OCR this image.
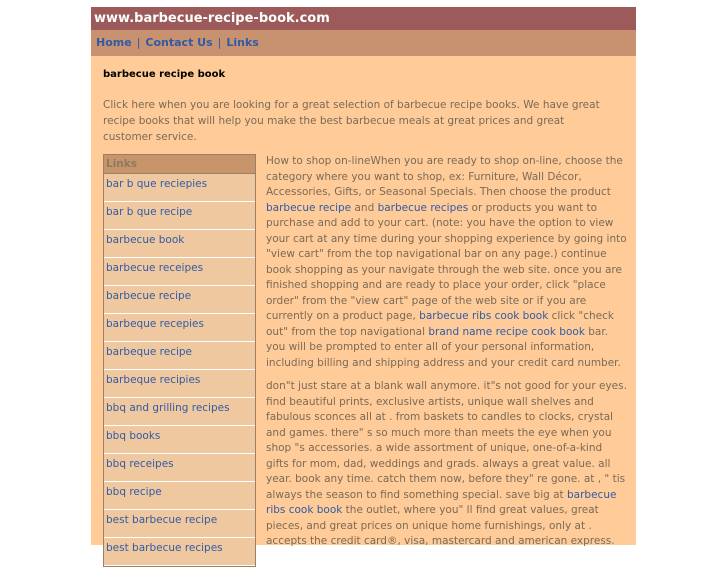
www.barbecue-recipe-book.com
Home | Contact Us | Links
barbecue recipe book
Click here when you are looking for a great selection of barbecue recipe books. We have great recipe books that will help you make the best barbecue meals at great prices and great customer service.
Links
bar b que reciepies
bar b que recipe
barbecue book
barbecue receipes
barbecue recipe
barbeque recepies
barbeque recipe
barbeque recipies
bbq and grilling recipes
bbq books
bbq receipes
bbq recipe
best barbecue recipe
best barbecue recipes

How to shop on-lineWhen you are ready to shop on-line, choose the category where you want to shop, ex: Furniture, Wall Décor, Accessories, Gifts, or Seasonal Specials. Then choose the product barbecue recipe and barbecue recipes or products you want to purchase and add to your cart. (note: you have the option to view your cart at any time during your shopping experience by going into "view cart" from the top navigational bar on any page.) continue book shopping as your navigate through the web site. once you are finished shopping and are ready to place your order, click "place order" from the "view cart" page of the web site or if you are currently on a product page, barbecue ribs cook book click "check out" from the top navigational brand name recipe cook book bar. you will be prompted to enter all of your personal information, including billing and shipping address and your credit card number.

don"t just stare at a blank wall anymore. it"s not good for your eyes. find beautiful prints, exclusive artists, unique wall shelves and fabulous sconces all at . from baskets to candles to clocks, crystal and games. there" s so much more than meets the eye when you shop "s accessories. a wide assortment of unique, one-of-a-kind gifts for mom, dad, weddings and grads. always a great value. all year. book any time. catch them now, before they" re gone. at , " tis always the season to find something special. save big at barbecue ribs cook book the outlet, where you" ll find great values, great pieces, and great prices on unique home furnishings, only at . accepts the credit card®, visa, mastercard and american express.
